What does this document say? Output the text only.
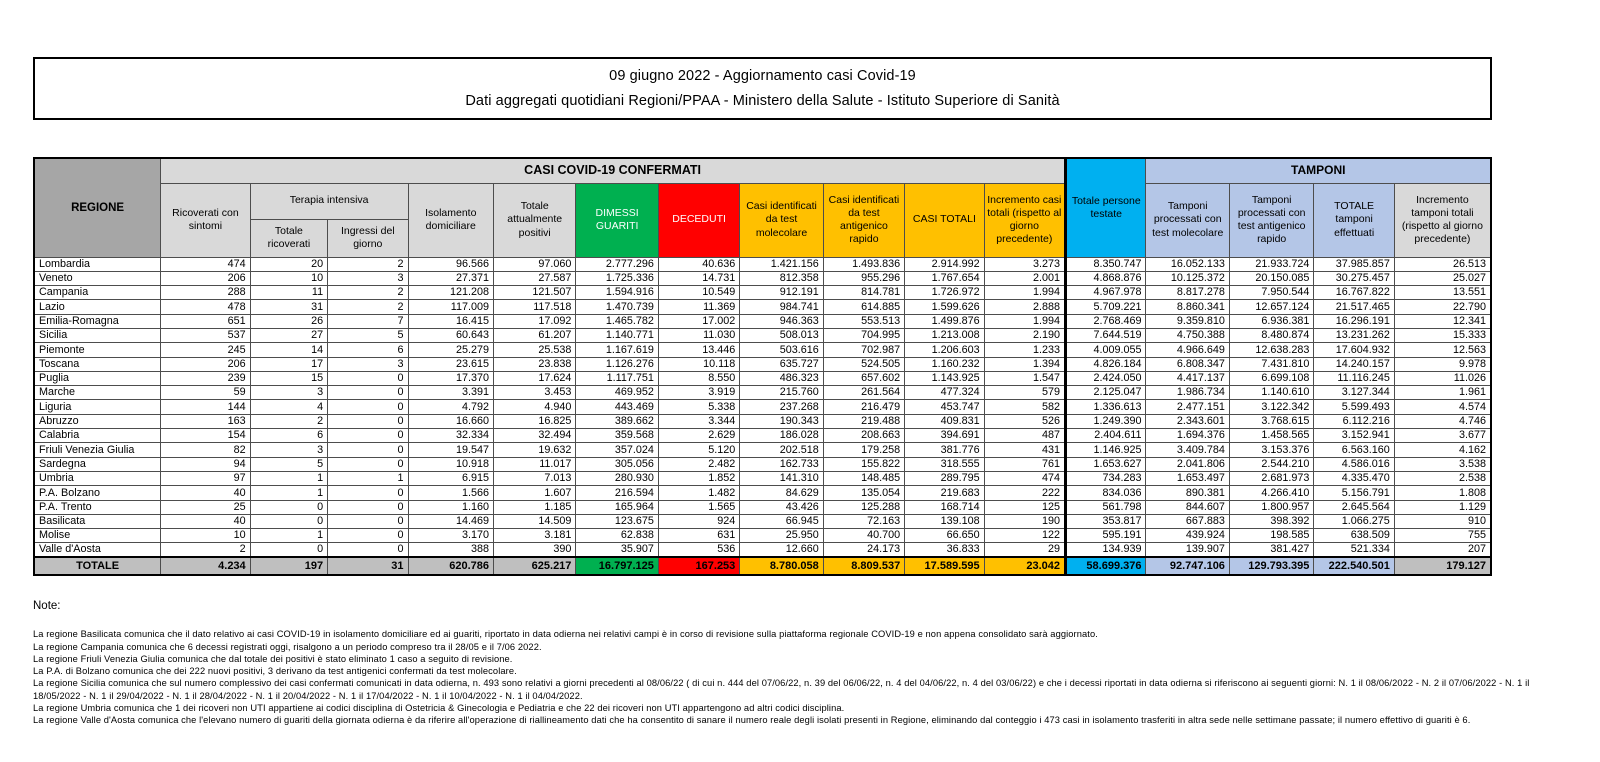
09 giugno 2022 - Aggiornamento casi Covid-19
Dati aggregati quotidiani Regioni/PPAA - Ministero della Salute - Istituto Superiore di Sanità
REGIONE	CASI COVID-19 CONFERMATI											Totale persone testate	TAMPONI			
	Ricoverati con sintomi	Terapia intensiva		Isolamento domiciliare	Totale attualmente positivi	DIMESSI GUARITI	DECEDUTI	Casi identificati da test molecolare	Casi identificati da test antigenico rapido	CASI TOTALI	Incremento casi totali (rispetto al giorno precedente)		Tamponi processati con test molecolare	Tamponi processati con test antigenico rapido	TOTALE tamponi effettuati	Incremento tamponi totali (rispetto al giorno precedente)
		Totale ricoverati	Ingressi del giorno													
Lombardia	474	20	2	96.566	97.060	2.777.296	40.636	1.421.156	1.493.836	2.914.992	3.273	8.350.747	16.052.133	21.933.724	37.985.857	26.513
Veneto	206	10	3	27.371	27.587	1.725.336	14.731	812.358	955.296	1.767.654	2.001	4.868.876	10.125.372	20.150.085	30.275.457	25.027
Campania	288	11	2	121.208	121.507	1.594.916	10.549	912.191	814.781	1.726.972	1.994	4.967.978	8.817.278	7.950.544	16.767.822	13.551
Lazio	478	31	2	117.009	117.518	1.470.739	11.369	984.741	614.885	1.599.626	2.888	5.709.221	8.860.341	12.657.124	21.517.465	22.790
Emilia-Romagna	651	26	7	16.415	17.092	1.465.782	17.002	946.363	553.513	1.499.876	1.994	2.768.469	9.359.810	6.936.381	16.296.191	12.341
Sicilia	537	27	5	60.643	61.207	1.140.771	11.030	508.013	704.995	1.213.008	2.190	7.644.519	4.750.388	8.480.874	13.231.262	15.333
Piemonte	245	14	6	25.279	25.538	1.167.619	13.446	503.616	702.987	1.206.603	1.233	4.009.055	4.966.649	12.638.283	17.604.932	12.563
Toscana	206	17	3	23.615	23.838	1.126.276	10.118	635.727	524.505	1.160.232	1.394	4.826.184	6.808.347	7.431.810	14.240.157	9.978
Puglia	239	15	0	17.370	17.624	1.117.751	8.550	486.323	657.602	1.143.925	1.547	2.424.050	4.417.137	6.699.108	11.116.245	11.026
Marche	59	3	0	3.391	3.453	469.952	3.919	215.760	261.564	477.324	579	2.125.047	1.986.734	1.140.610	3.127.344	1.961
Liguria	144	4	0	4.792	4.940	443.469	5.338	237.268	216.479	453.747	582	1.336.613	2.477.151	3.122.342	5.599.493	4.574
Abruzzo	163	2	0	16.660	16.825	389.662	3.344	190.343	219.488	409.831	526	1.249.390	2.343.601	3.768.615	6.112.216	4.746
Calabria	154	6	0	32.334	32.494	359.568	2.629	186.028	208.663	394.691	487	2.404.611	1.694.376	1.458.565	3.152.941	3.677
Friuli Venezia Giulia	82	3	0	19.547	19.632	357.024	5.120	202.518	179.258	381.776	431	1.146.925	3.409.784	3.153.376	6.563.160	4.162
Sardegna	94	5	0	10.918	11.017	305.056	2.482	162.733	155.822	318.555	761	1.653.627	2.041.806	2.544.210	4.586.016	3.538
Umbria	97	1	1	6.915	7.013	280.930	1.852	141.310	148.485	289.795	474	734.283	1.653.497	2.681.973	4.335.470	2.538
P.A. Bolzano	40	1	0	1.566	1.607	216.594	1.482	84.629	135.054	219.683	222	834.036	890.381	4.266.410	5.156.791	1.808
P.A. Trento	25	0	0	1.160	1.185	165.964	1.565	43.426	125.288	168.714	125	561.798	844.607	1.800.957	2.645.564	1.129
Basilicata	40	0	0	14.469	14.509	123.675	924	66.945	72.163	139.108	190	353.817	667.883	398.392	1.066.275	910
Molise	10	1	0	3.170	3.181	62.838	631	25.950	40.700	66.650	122	595.191	439.924	198.585	638.509	755
Valle d'Aosta	2	0	0	388	390	35.907	536	12.660	24.173	36.833	29	134.939	139.907	381.427	521.334	207
TOTALE	4.234	197	31	620.786	625.217	16.797.125	167.253	8.780.058	8.809.537	17.589.595	23.042	58.699.376	92.747.106	129.793.395	222.540.501	179.127
Note:
La regione Basilicata comunica che il dato relativo ai casi COVID-19 in isolamento domiciliare ed ai guariti, riportato in data odierna nei relativi campi è in corso di revisione sulla piattaforma regionale COVID-19 e non appena consolidato sarà aggiornato.
La regione Campania comunica che 6 decessi registrati oggi, risalgono a un periodo compreso tra il 28/05 e il 7/06 2022.
La regione Friuli Venezia Giulia comunica che dal totale dei positivi è stato eliminato 1 caso a seguito di revisione.
La P.A. di Bolzano comunica che dei 222 nuovi positivi, 3 derivano da test antigenici confermati da test molecolare.
La regione Sicilia comunica che sul numero complessivo dei casi confermati comunicati in data odierna, n. 493 sono relativi a giorni precedenti al 08/06/22 ( di cui n. 444 del 07/06/22, n. 39 del 06/06/22, n. 4 del 04/06/22, n. 4 del 03/06/22) e che i decessi riportati in data odierna si riferiscono ai seguenti giorni: N. 1 il 08/06/2022 - N. 2 il 07/06/2022 - N. 1 il 18/05/2022 - N. 1 il 29/04/2022 - N. 1 il 28/04/2022 - N. 1 il 20/04/2022 - N. 1 il 17/04/2022 - N. 1 il 10/04/2022 - N. 1 il 04/04/2022.
La regione Umbria comunica che 1 dei ricoveri non UTI appartiene ai codici disciplina di Ostetricia & Ginecologia e Pediatria e che 22 dei ricoveri non UTI appartengono ad altri codici disciplina.
La regione Valle d'Aosta comunica che l'elevano numero di guariti della giornata odierna è da riferire all'operazione di riallineamento dati che ha consentito di sanare il numero reale degli isolati presenti in Regione, eliminando dal conteggio i 473 casi in isolamento trasferiti in altra sede nelle settimane passate; il numero effettivo di guariti è 6.
